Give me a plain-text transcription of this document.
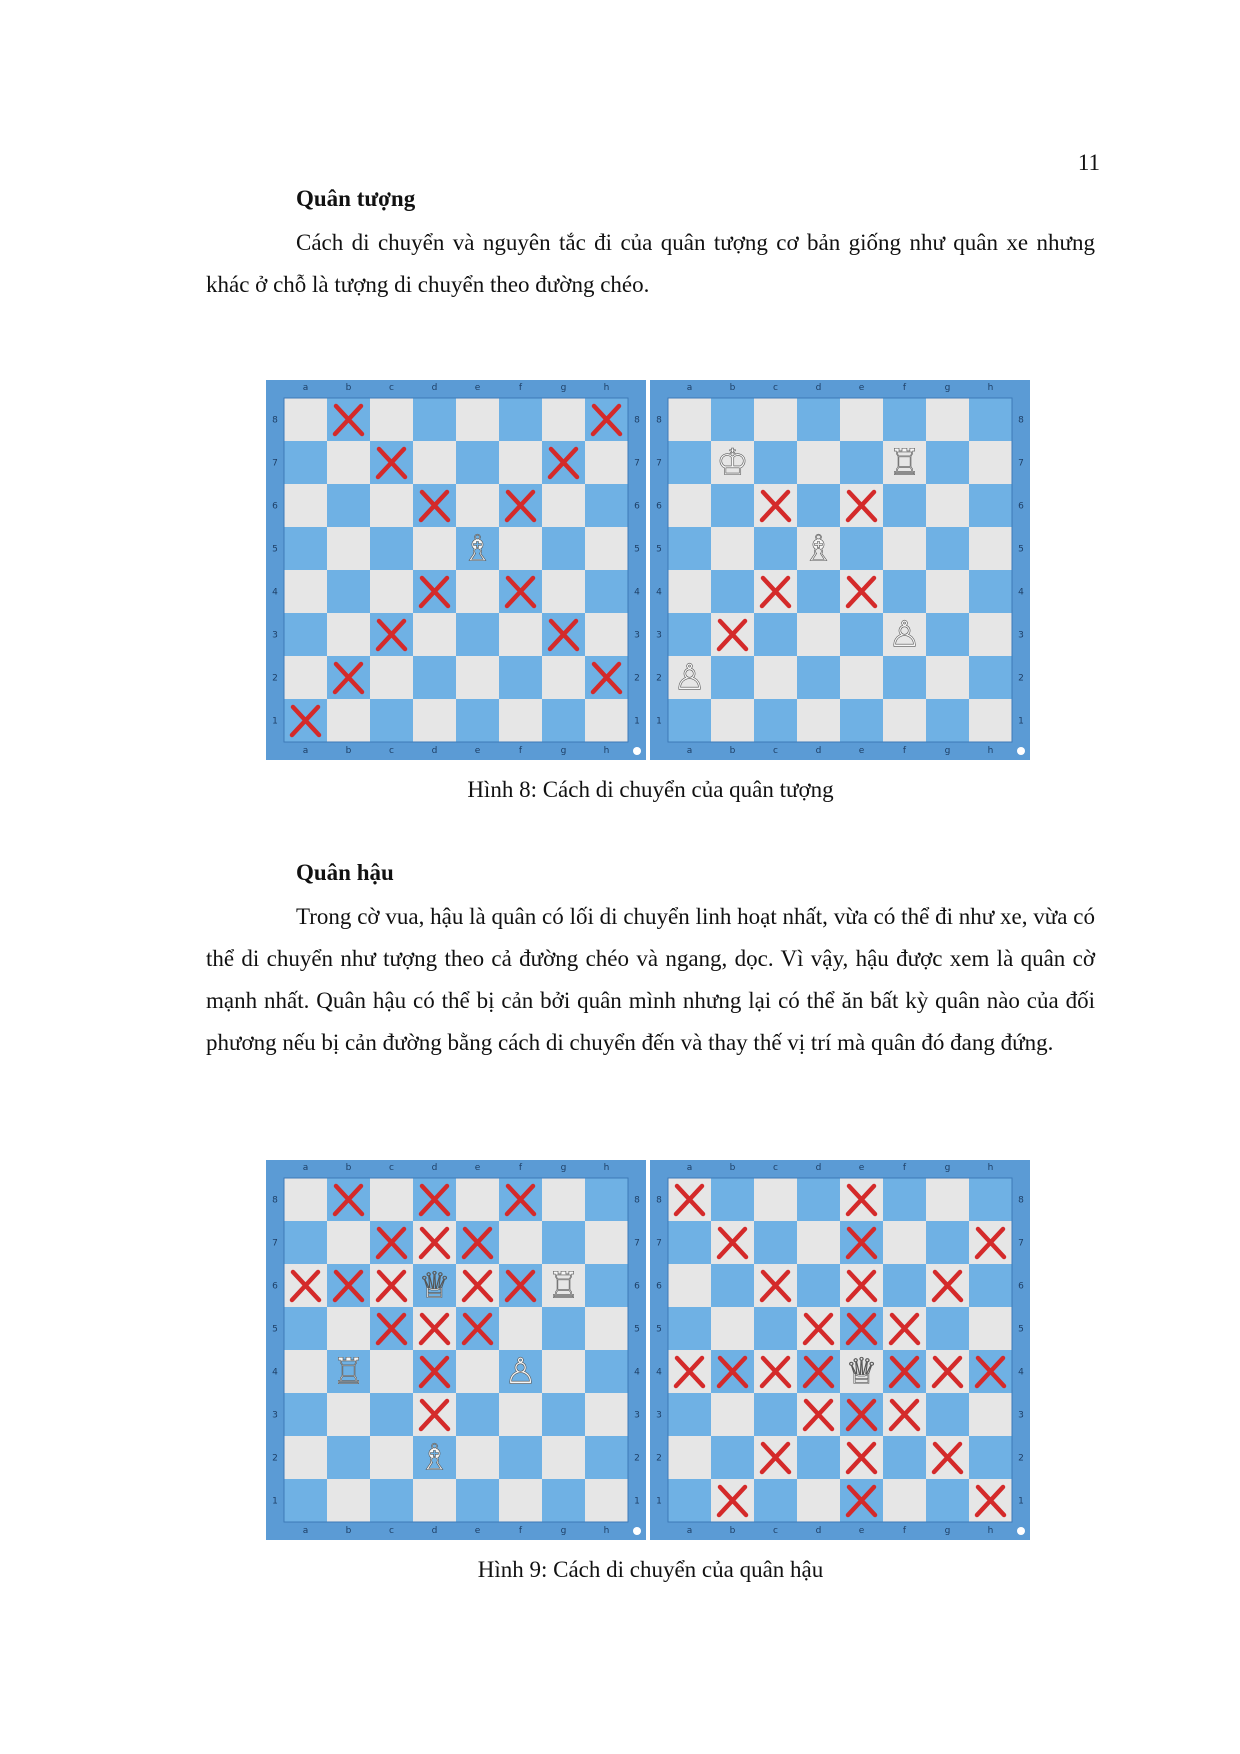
11
Quân tượng

Cách di chuyển và nguyên tắc đi của quân tượng cơ bản giống như quân xe nhưng khác ở chỗ là tượng di chuyển theo đường chéo.

a
a
b
b
c
c
d
d
e
e
f
f
g
g
h
h
8	8
7	7
6	6
5	5
4	4
3	3
2	2
1	1
♗
a
a
b
b
c
c
d
d
e
e
f
f
g
g
h
h
8	8
7	7
6	6
5	5
4	4
3	3
2	2
1	1
♔	♖
♗
♙
♙
Hình 8: Cách di chuyển của quân tượng
Quân hậu

Trong cờ vua, hậu là quân có lối di chuyển linh hoạt nhất, vừa có thể đi như xe, vừa có thể di chuyển như tượng theo cả đường chéo và ngang, dọc. Vì vậy, hậu được xem là quân cờ mạnh nhất. Quân hậu có thể bị cản bởi quân mình nhưng lại có thể ăn bất kỳ quân nào của đối phương nếu bị cản đường bằng cách di chuyển đến và thay thế vị trí mà quân đó đang đứng.

a
a
b
b
c
c
d
d
e
e
f
f
g
g
h
h
8	8
7	7
6	6
5	5
4	4
3	3
2	2
1	1
♕	♖
♖	♙
♗
a
a
b
b
c
c
d
d
e
e
f
f
g
g
h
h
8	8
7	7
6	6
5	5
4	4
3	3
2	2
1	1
♕
Hình 9: Cách di chuyển của quân hậu
